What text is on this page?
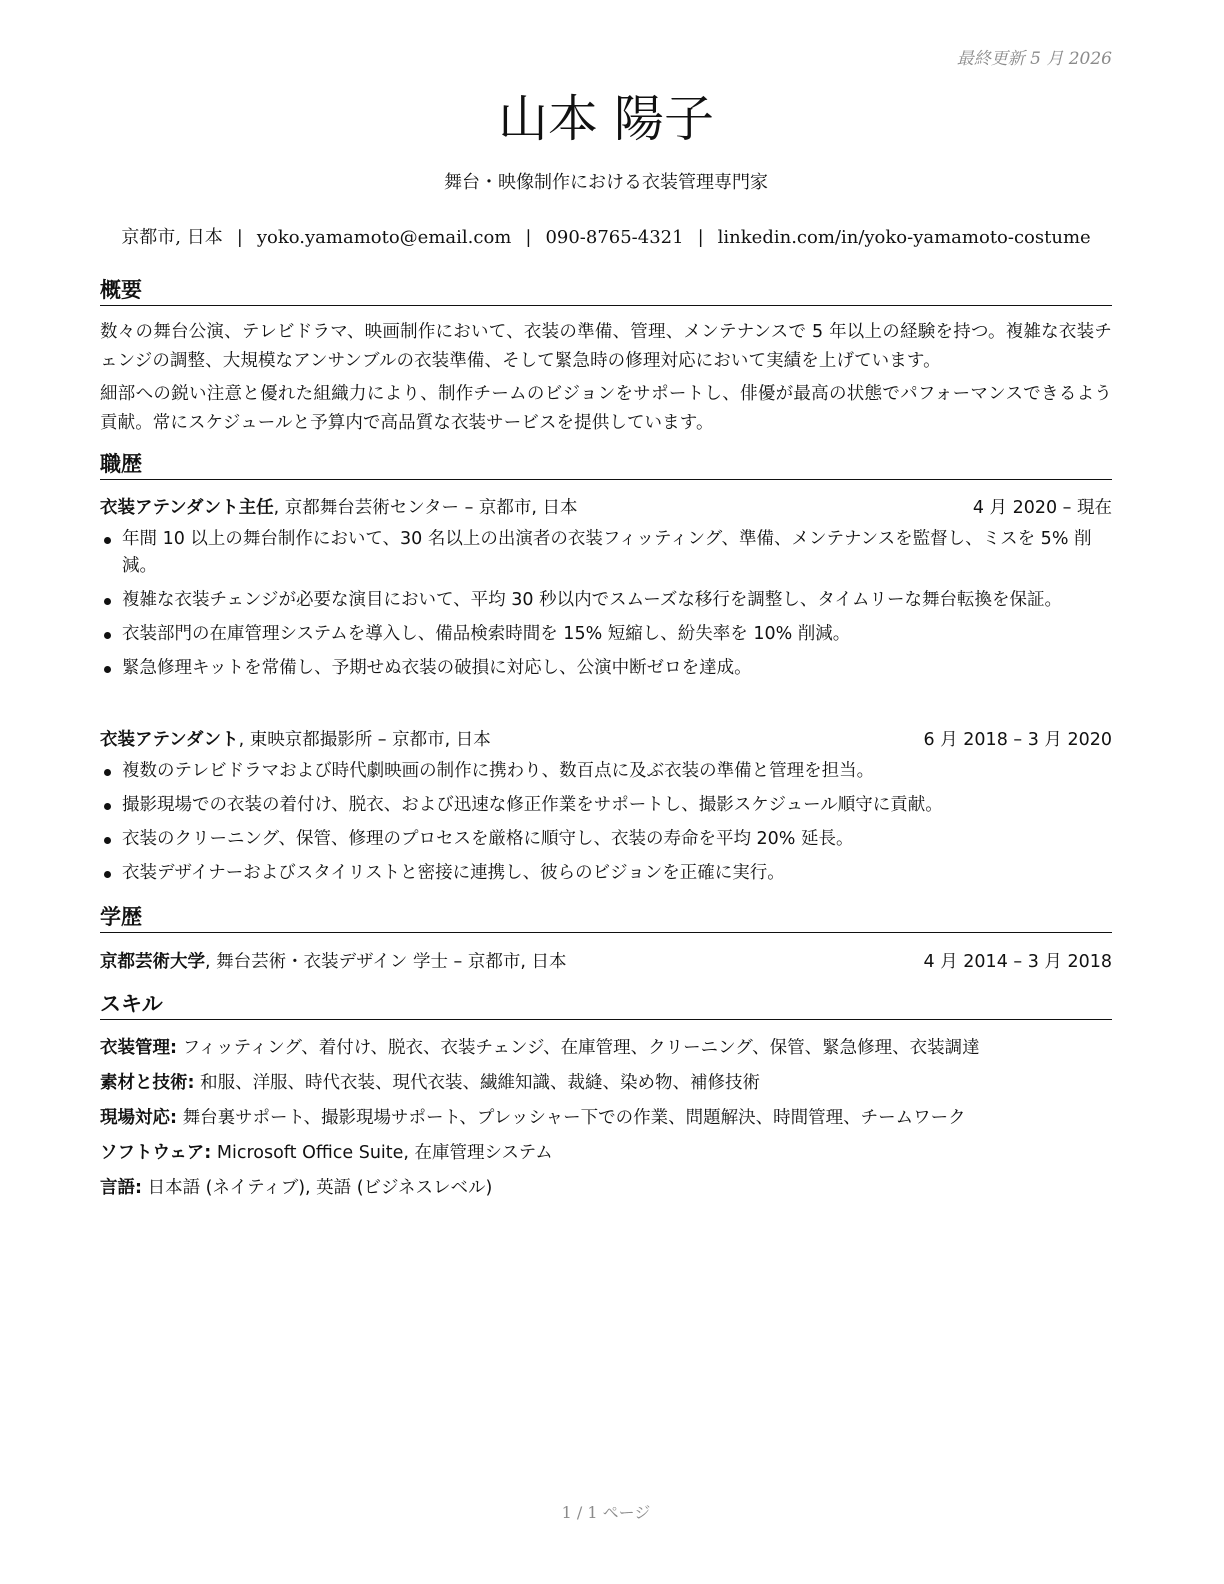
最終更新 5 月 2026
山本 陽子
舞台・映像制作における衣装管理専門家
京都市, 日本 | yoko.yamamoto@email.com | 090-8765-4321 | linkedin.com/in/yoko-yamamoto-costume
概要
数々の舞台公演、テレビドラマ、映画制作において、衣装の準備、管理、メンテナンスで 5 年以上の経験を持つ。複雑な衣装チェンジの調整、大規模なアンサンブルの衣装準備、そして緊急時の修理対応において実績を上げています。
細部への鋭い注意と優れた組織力により、制作チームのビジョンをサポートし、俳優が最高の状態でパフォーマンスできるよう貢献。常にスケジュールと予算内で高品質な衣装サービスを提供しています。
職歴
衣装アテンダント主任, 京都舞台芸術センター – 京都市, 日本	4 月 2020 – 現在
年間 10 以上の舞台制作において、30 名以上の出演者の衣装フィッティング、準備、メンテナンスを監督し、ミスを 5% 削減。
複雑な衣装チェンジが必要な演目において、平均 30 秒以内でスムーズな移行を調整し、タイムリーな舞台転換を保証。
衣装部門の在庫管理システムを導入し、備品検索時間を 15% 短縮し、紛失率を 10% 削減。
緊急修理キットを常備し、予期せぬ衣装の破損に対応し、公演中断ゼロを達成。
衣装アテンダント, 東映京都撮影所 – 京都市, 日本	6 月 2018 – 3 月 2020
複数のテレビドラマおよび時代劇映画の制作に携わり、数百点に及ぶ衣装の準備と管理を担当。
撮影現場での衣装の着付け、脱衣、および迅速な修正作業をサポートし、撮影スケジュール順守に貢献。
衣装のクリーニング、保管、修理のプロセスを厳格に順守し、衣装の寿命を平均 20% 延長。
衣装デザイナーおよびスタイリストと密接に連携し、彼らのビジョンを正確に実行。
学歴
京都芸術大学, 舞台芸術・衣装デザイン 学士 – 京都市, 日本	4 月 2014 – 3 月 2018
スキル
衣装管理: フィッティング、着付け、脱衣、衣装チェンジ、在庫管理、クリーニング、保管、緊急修理、衣装調達
素材と技術: 和服、洋服、時代衣装、現代衣装、繊維知識、裁縫、染め物、補修技術
現場対応: 舞台裏サポート、撮影現場サポート、プレッシャー下での作業、問題解決、時間管理、チームワーク
ソフトウェア: Microsoft Office Suite, 在庫管理システム
言語: 日本語 (ネイティブ), 英語 (ビジネスレベル)
1 / 1 ページ
